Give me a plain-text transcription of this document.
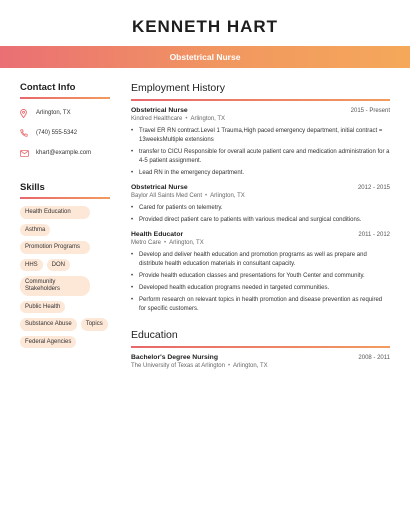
KENNETH HART
Obstetrical Nurse
Contact Info
Arlington, TX
(740) 555-5342
khart@example.com
Skills
Health Education
Asthma
Promotion Programs
HHS	DON
Community Stakeholders
Public Health
Substance Abuse	Topics
Federal Agencies
Employment History
Obstetrical Nurse	2015 - Present
Kindred Healthcare • Arlington, TX
• Travel ER RN contract.Level 1 Trauma,High paced emergency department, initial contract = 13weeksMultiple extensions
• transfer to CICU Responsible for overall acute patient care and medication administration for a 4-5 patient assignment.
• Lead RN in the emergency department.
Obstetrical Nurse	2012 - 2015
Baylor All Saints Med Cent • Arlington, TX
• Cared for patients on telemetry.
• Provided direct patient care to patients with various medical and surgical conditions.
Health Educator	2011 - 2012
Metro Care • Arlington, TX
• Develop and deliver health education and promotion programs as well as prepare and distribute health education materials in consultant capacity.
• Provide health education classes and presentations for Youth Center and community.
• Developed health education programs needed in targeted communities.
• Perform research on relevant topics in health promotion and disease prevention as required for specific customers.
Education
Bachelor's Degree Nursing	2008 - 2011
The University of Texas at Arlington • Arlington, TX
